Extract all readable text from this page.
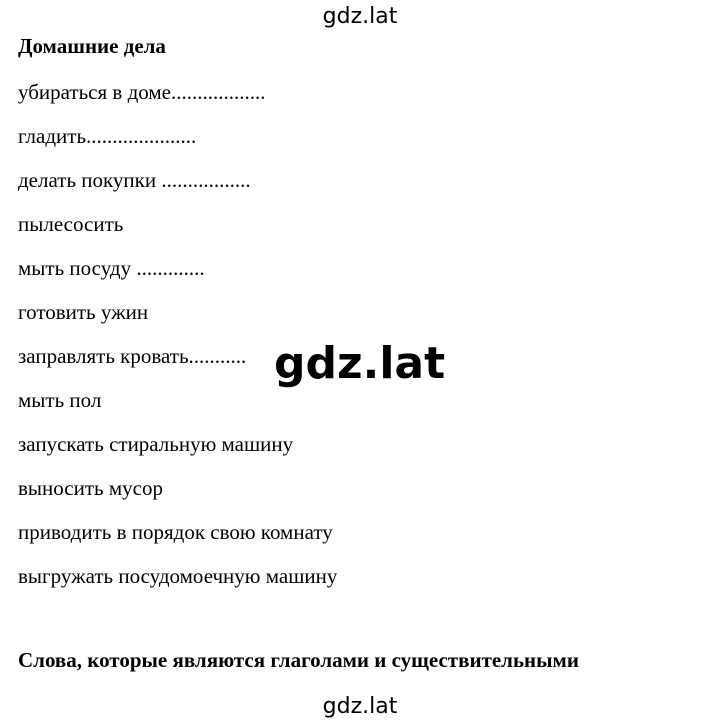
gdz.lat
Домашние дела
убираться в доме..................
гладить.....................
делать покупки .................
пылесосить
мыть посуду .............
готовить ужин
заправлять кровать...........
мыть пол
запускать стиральную машину
выносить мусор
приводить в порядок свою комнату
выгружать посудомоечную машину
gdz.lat
Слова, которые являются глаголами и существительными
gdz.lat
